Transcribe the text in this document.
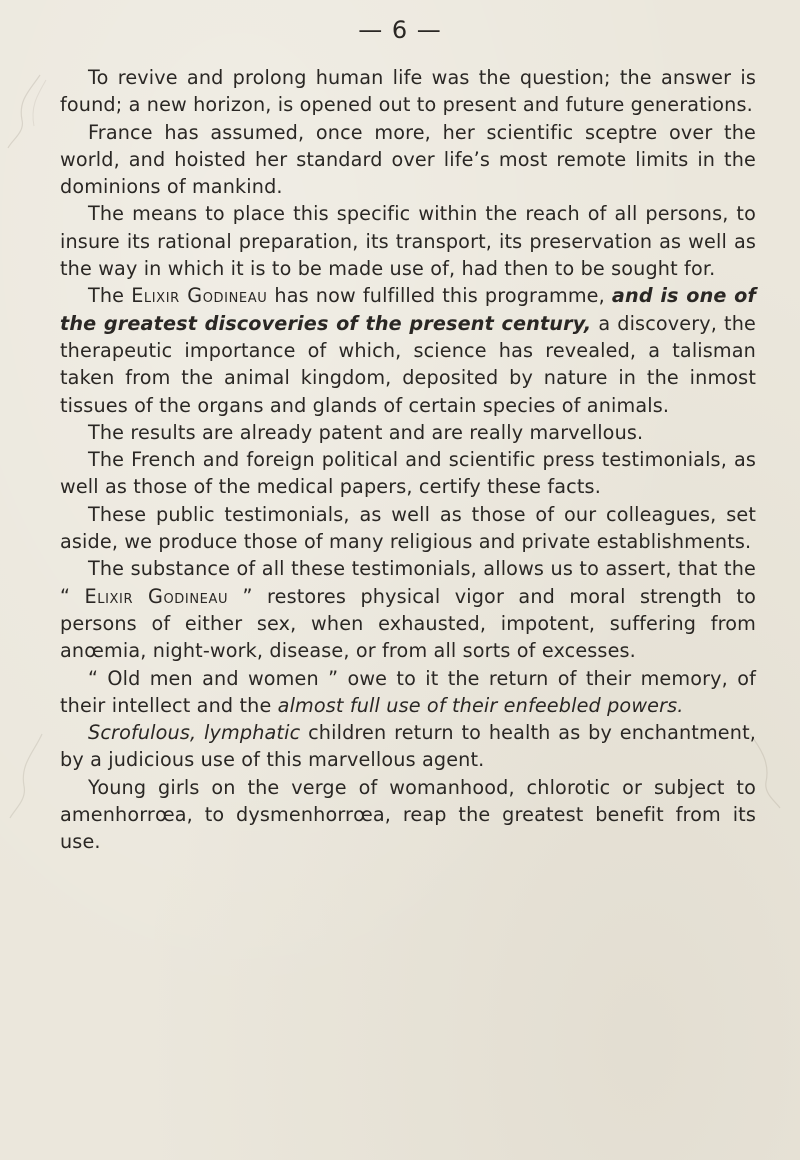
— 6 —

To revive and prolong human life was the question; the answer is found; a new horizon, is opened out to present and future generations.

France has assumed, once more, her scientific sceptre over the world, and hoisted her standard over life’s most remote limits in the dominions of mankind.

The means to place this specific within the reach of all persons, to insure its rational preparation, its transport, its preservation as well as the way in which it is to be made use of, had then to be sought for.

The Elixir Godineau has now fulfilled this programme, and is one of the greatest discoveries of the present century, a discovery, the therapeutic importance of which, science has revealed, a talisman taken from the animal kingdom, deposited by nature in the inmost tissues of the organs and glands of certain species of animals.

The results are already patent and are really marvellous.

The French and foreign political and scientific press testimonials, as well as those of the medical papers, certify these facts.

These public testimonials, as well as those of our colleagues, set aside, we produce those of many religious and private establishments.

The substance of all these testimonials, allows us to assert, that the “ Elixir Godineau ” restores physical vigor and moral strength to persons of either sex, when exhausted, impotent, suffering from anœmia, night-work, disease, or from all sorts of excesses.

“ Old men and women ” owe to it the return of their memory, of their intellect and the almost full use of their enfeebled powers.

Scrofulous, lymphatic children return to health as by enchantment, by a judicious use of this marvellous agent.

Young girls on the verge of womanhood, chlorotic or subject to amenhorrœa, to dysmenhorrœa, reap the greatest benefit from its use.
